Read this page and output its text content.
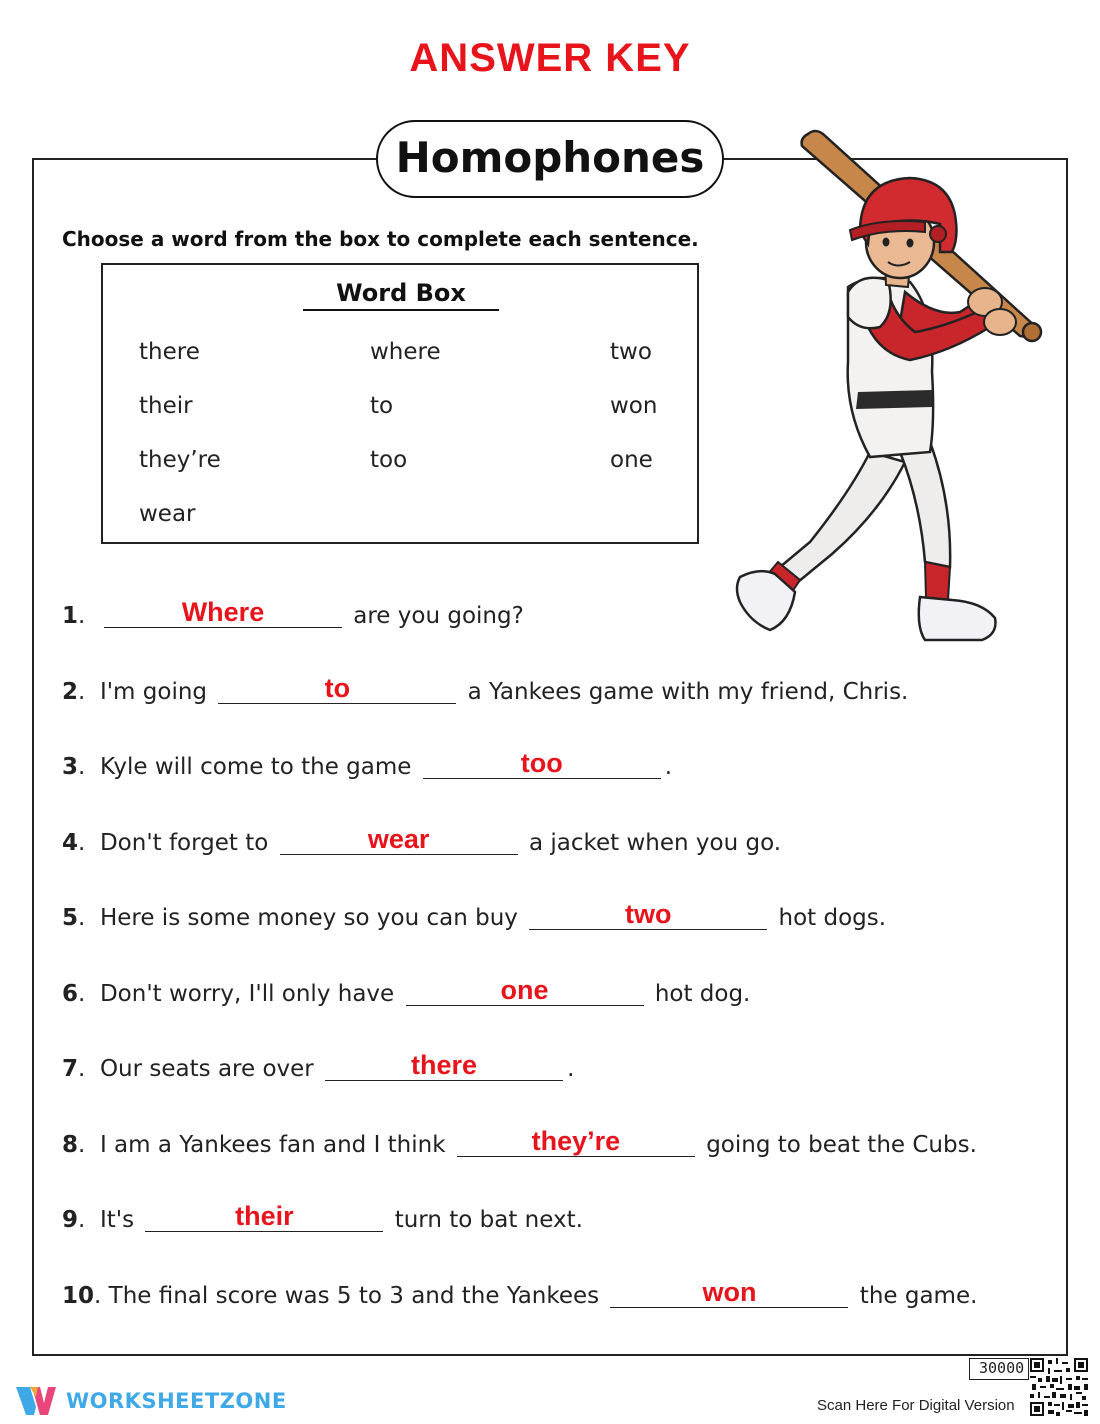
ANSWER KEY
Homophones
Choose a word from the box to complete each sentence.
Word Box
there	where	two
their	to	won
they’re	too	one
wear
1.	Where	are you going?
2.  I'm going	to	a Yankees game with my friend, Chris.
3.  Kyle will come to the game	too	.
4.  Don't forget to	wear	a jacket when you go.
5.  Here is some money so you can buy	two	hot dogs.
6.  Don't worry, I'll only have	one	hot dog.
7.  Our seats are over	there	.
8.  I am a Yankees fan and I think	they’re	going to beat the Cubs.
9.  It's	their	turn to bat next.
10. The final score was 5 to 3 and the Yankees	won	the game.
WORKSHEETZONE
30000
Scan Here For Digital Version
